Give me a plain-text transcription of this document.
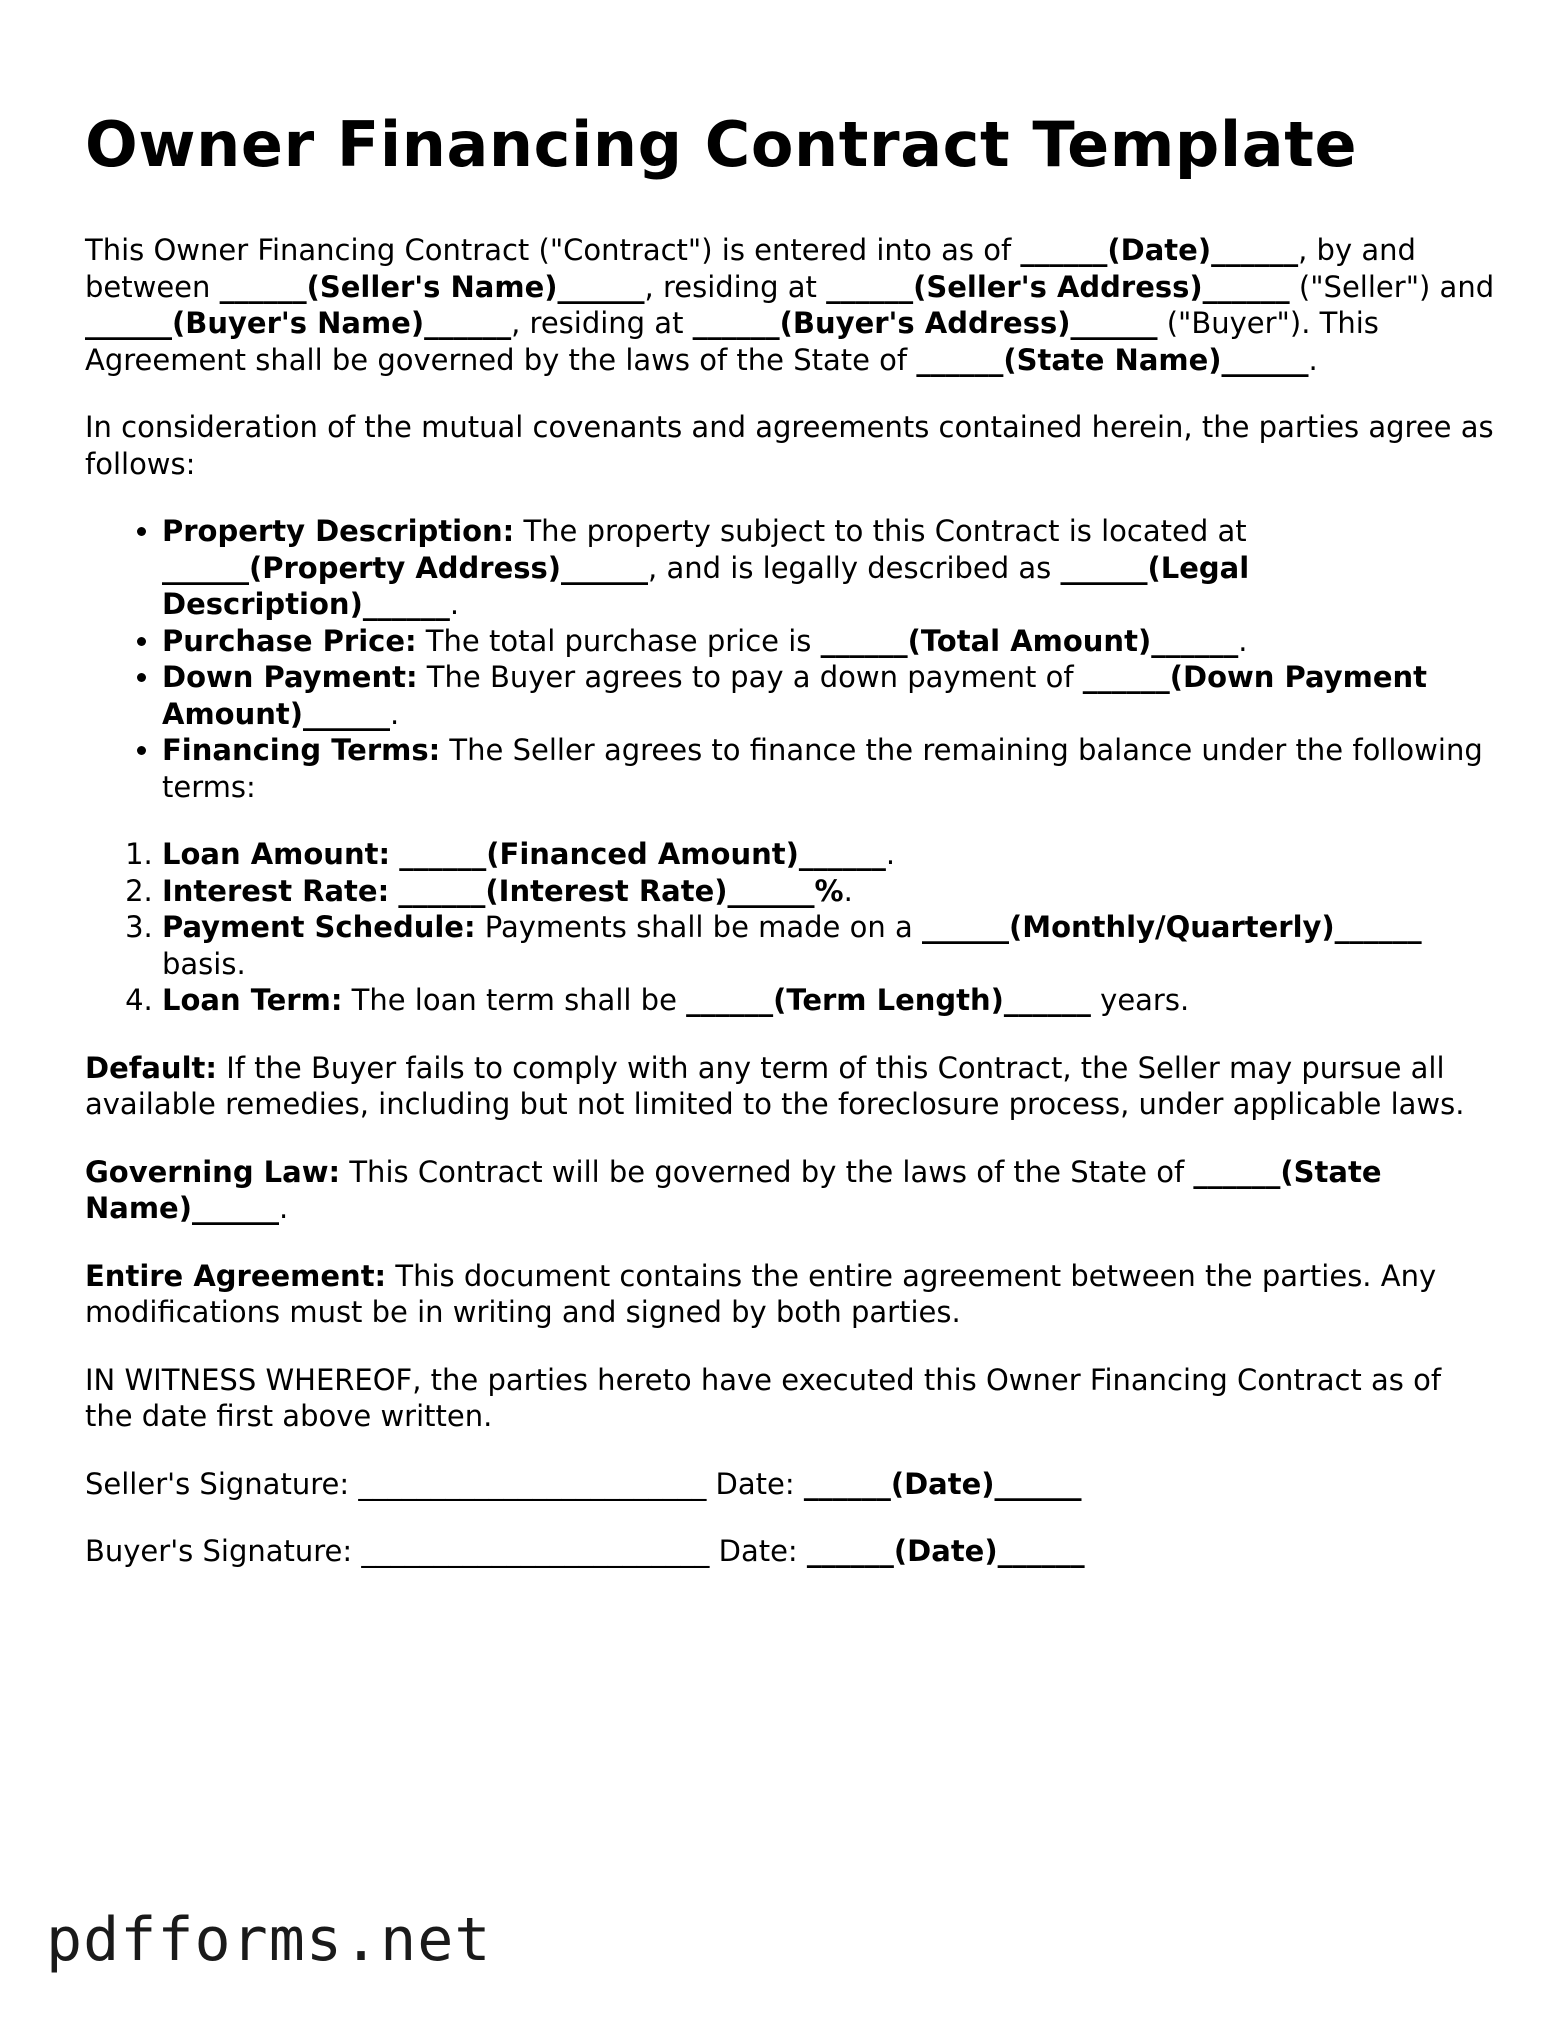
Owner Financing Contract Template

This Owner Financing Contract ("Contract") is entered into as of ______(Date)______, by and between ______(Seller's Name)______, residing at ______(Seller's Address)______ ("Seller") and ______(Buyer's Name)______, residing at ______(Buyer's Address)______ ("Buyer"). This Agreement shall be governed by the laws of the State of ______(State Name)______.

In consideration of the mutual covenants and agreements contained herein, the parties agree as follows:

• Property Description: The property subject to this Contract is located at ______(Property Address)______, and is legally described as ______(Legal Description)______.
• Purchase Price: The total purchase price is ______(Total Amount)______.
• Down Payment: The Buyer agrees to pay a down payment of ______(Down Payment Amount)______.
• Financing Terms: The Seller agrees to finance the remaining balance under the following terms:
1. Loan Amount: ______(Financed Amount)______.
2. Interest Rate: ______(Interest Rate)______%.
3. Payment Schedule: Payments shall be made on a ______(Monthly/Quarterly)______ basis.
4. Loan Term: The loan term shall be ______(Term Length)______ years.

Default: If the Buyer fails to comply with any term of this Contract, the Seller may pursue all available remedies, including but not limited to the foreclosure process, under applicable laws.

Governing Law: This Contract will be governed by the laws of the State of ______(State Name)______.

Entire Agreement: This document contains the entire agreement between the parties. Any modifications must be in writing and signed by both parties.

IN WITNESS WHEREOF, the parties hereto have executed this Owner Financing Contract as of the date first above written.

Seller's Signature: ________________________ Date: ______(Date)______

Buyer's Signature: ________________________ Date: ______(Date)______

pdfforms.net
